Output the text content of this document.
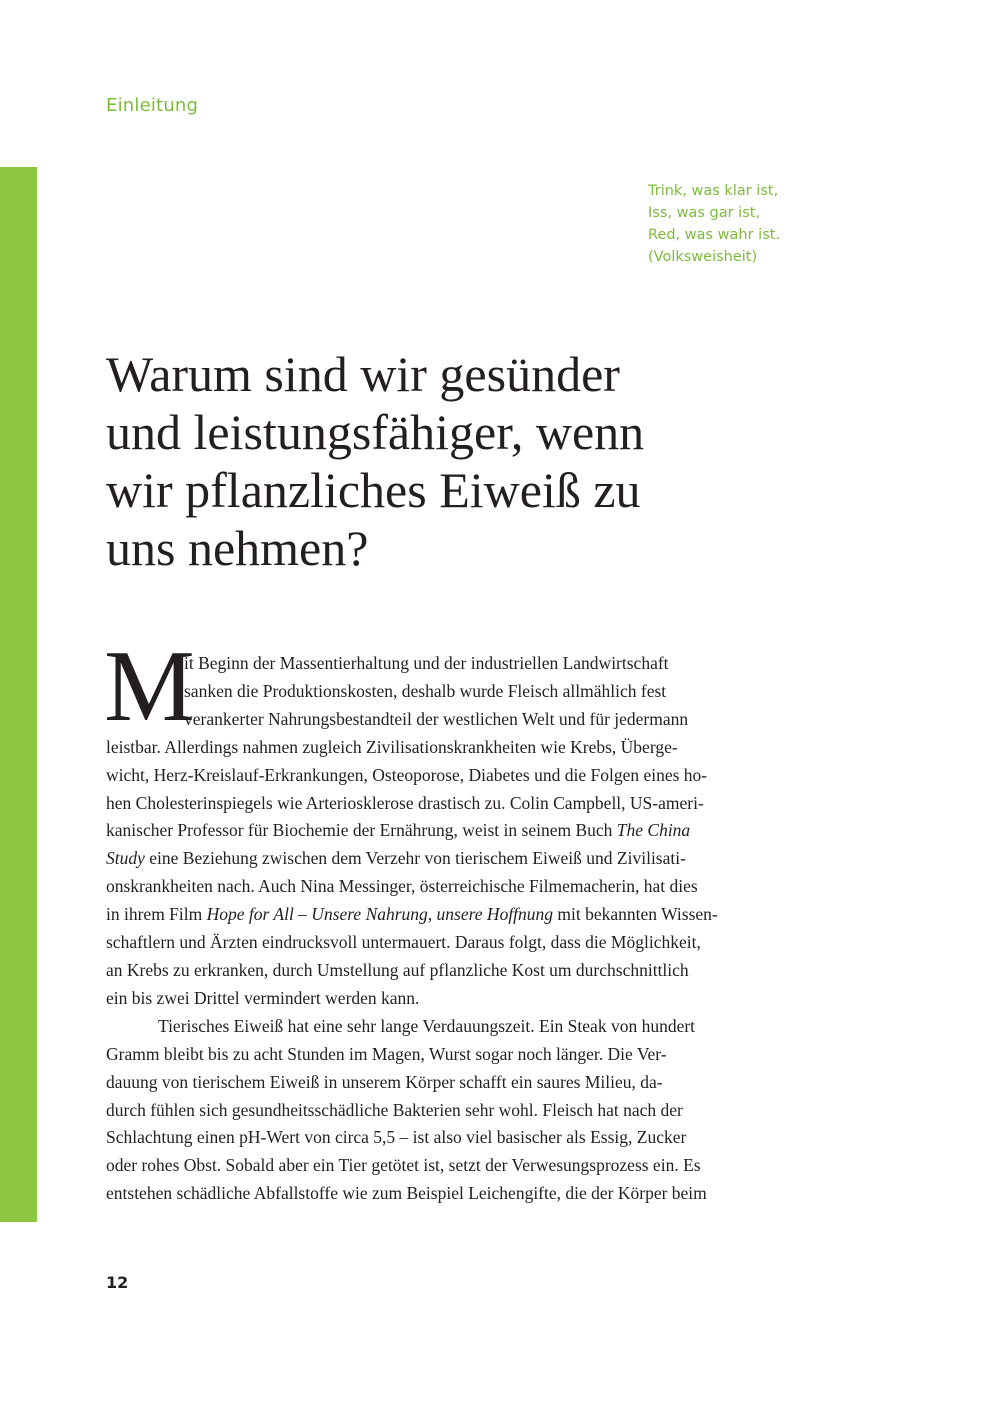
Einleitung
Trink, was klar ist,
Iss, was gar ist,
Red, was wahr ist.
(Volksweisheit)
Warum sind wir gesünder
und leistungsfähiger, wenn
wir pflanzliches Eiweiß zu
uns nehmen?
M
it Beginn der Massentierhaltung und der industriellen Landwirtschaft
sanken die Produktionskosten, deshalb wurde Fleisch allmählich fest
verankerter Nahrungsbestandteil der westlichen Welt und für jedermann
leistbar. Allerdings nahmen zugleich Zivilisationskrankheiten wie Krebs, Überge-
wicht, Herz-Kreislauf-Erkrankungen, Osteoporose, Diabetes und die Folgen eines ho-
hen Cholesterinspiegels wie Arteriosklerose drastisch zu. Colin Campbell, US-ameri-
kanischer Professor für Biochemie der Ernährung, weist in seinem Buch The China
Study eine Beziehung zwischen dem Verzehr von tierischem Eiweiß und Zivilisati-
onskrankheiten nach. Auch Nina Messinger, österreichische Filmemacherin, hat dies
in ihrem Film Hope for All – Unsere Nahrung, unsere Hoffnung mit bekannten Wissen-
schaftlern und Ärzten eindrucksvoll untermauert. Daraus folgt, dass die Möglichkeit,
an Krebs zu erkranken, durch Umstellung auf pflanzliche Kost um durchschnittlich
ein bis zwei Drittel vermindert werden kann.
Tierisches Eiweiß hat eine sehr lange Verdauungszeit. Ein Steak von hundert
Gramm bleibt bis zu acht Stunden im Magen, Wurst sogar noch länger. Die Ver-
dauung von tierischem Eiweiß in unserem Körper schafft ein saures Milieu, da-
durch fühlen sich gesundheitsschädliche Bakterien sehr wohl. Fleisch hat nach der
Schlachtung einen pH-Wert von circa 5,5 – ist also viel basischer als Essig, Zucker
oder rohes Obst. Sobald aber ein Tier getötet ist, setzt der Verwesungsprozess ein. Es
entstehen schädliche Abfallstoffe wie zum Beispiel Leichengifte, die der Körper beim
12
